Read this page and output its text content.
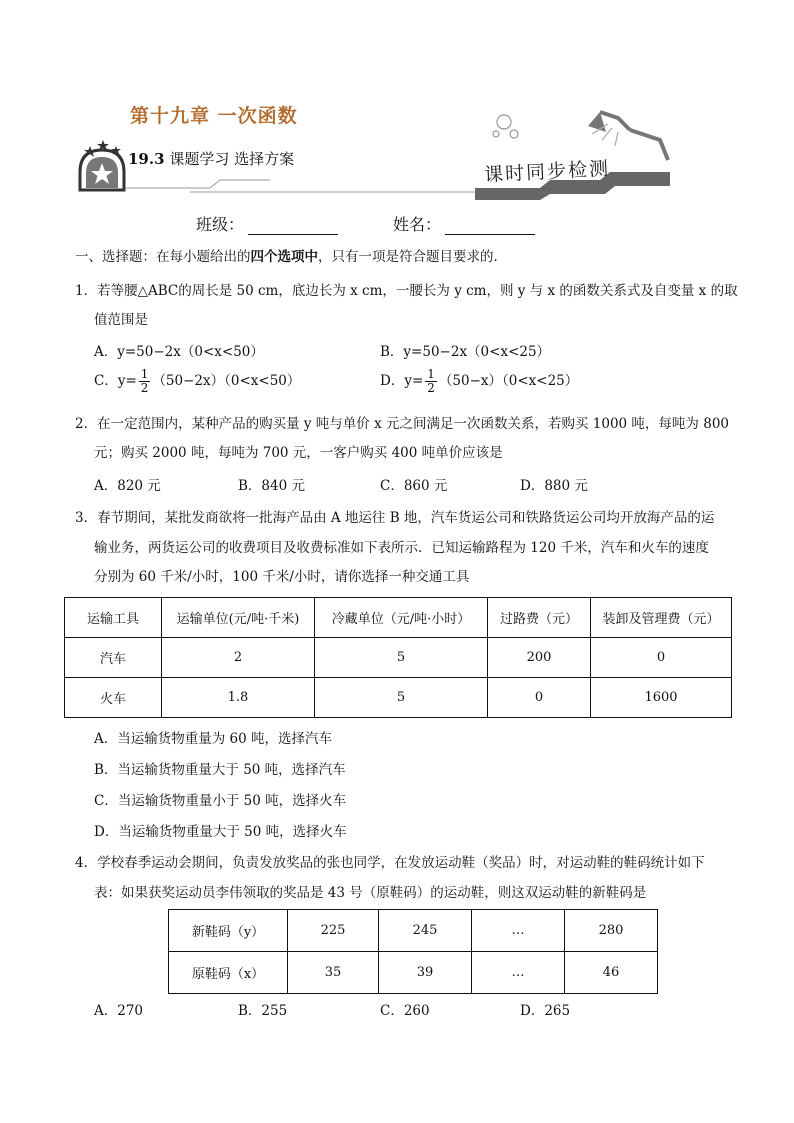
第十九章 一次函数
19.3 课题学习 选择方案	课时同步检测
班级：	姓名：
一、选择题：在每小题给出的四个选项中，只有一项是符合题目要求的．
1．若等腰△ABC的周长是 50 cm，底边长为 x cm，一腰长为 y cm，则 y 与 x 的函数关系式及自变量 x 的取
值范围是
A．y=50−2x（0<x<50）	B．y=50−2x（0<x<25）
C．$y= \frac{1}{2} (50-2x)(0<x<50)$	D．$y= \frac{1}{2} (50-x)(0<x<25)$
2．在一定范围内，某种产品的购买量 y 吨与单价 x 元之间满足一次函数关系，若购买 1000 吨，每吨为 800
元；购买 2000 吨，每吨为 700 元，一客户购买 400 吨单价应该是
A．820 元	B．840 元	C．860 元	D．880 元
3．春节期间，某批发商欲将一批海产品由 A 地运往 B 地，汽车货运公司和铁路货运公司均开放海产品的运
输业务，两货运公司的收费项目及收费标准如下表所示．已知运输路程为 120 千米，汽车和火车的速度
分别为 60 千米/小时，100 千米/小时，请你选择一种交通工具
运输工具	运输单位(元/吨·千米)	冷藏单位（元/吨·小时）	过路费（元）	装卸及管理费（元）
汽车	2	5	200	0
火车	1.8	5	0	1600
A．当运输货物重量为 60 吨，选择汽车
B．当运输货物重量大于 50 吨，选择汽车
C．当运输货物重量小于 50 吨，选择火车
D．当运输货物重量大于 50 吨，选择火车
4．学校春季运动会期间，负责发放奖品的张也同学，在发放运动鞋（奖品）时，对运动鞋的鞋码统计如下
表：如果获奖运动员李伟领取的奖品是 43 号（原鞋码）的运动鞋，则这双运动鞋的新鞋码是
新鞋码（y）	225	245	…	280
原鞋码（x）	35	39	…	46
A．270	B．255	C．260	D．265
